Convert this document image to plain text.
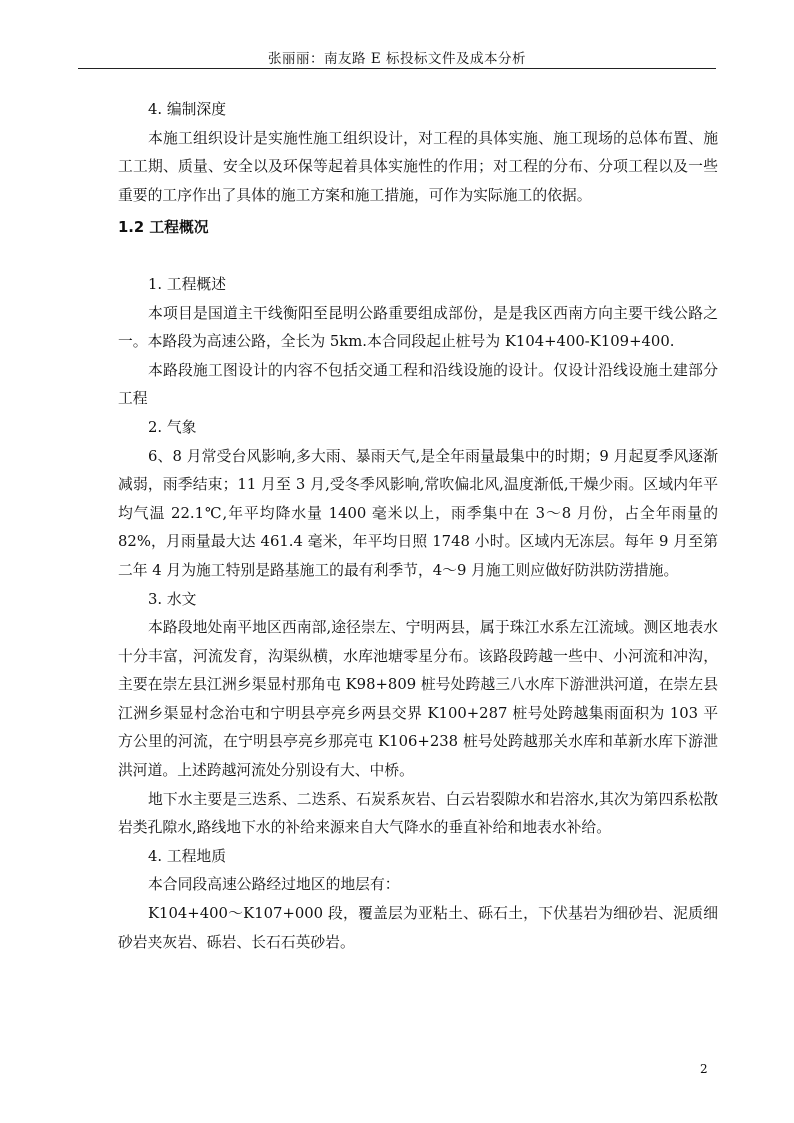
张丽丽：南友路 E 标投标文件及成本分析

4. 编制深度

本施工组织设计是实施性施工组织设计，对工程的具体实施、施工现场的总体布置、施工工期、质量、安全以及环保等起着具体实施性的作用；对工程的分布、分项工程以及一些重要的工序作出了具体的施工方案和施工措施，可作为实际施工的依据。

1.2 工程概况

1. 工程概述

本项目是国道主干线衡阳至昆明公路重要组成部份，是是我区西南方向主要干线公路之一。本路段为高速公路，全长为 5km.本合同段起止桩号为 K104+400-K109+400.

本路段施工图设计的内容不包括交通工程和沿线设施的设计。仅设计沿线设施土建部分工程

2. 气象

6、8 月常受台风影响,多大雨、暴雨天气,是全年雨量最集中的时期；9 月起夏季风逐渐减弱，雨季结束；11 月至 3 月,受冬季风影响,常吹偏北风,温度渐低,干燥少雨。区域内年平均气温 22.1℃,年平均降水量 1400 毫米以上，雨季集中在 3～8 月份，占全年雨量的 82%，月雨量最大达 461.4 毫米，年平均日照 1748 小时。区域内无冻层。每年 9 月至第二年 4 月为施工特别是路基施工的最有利季节，4～9 月施工则应做好防洪防涝措施。

3. 水文

本路段地处南平地区西南部,途径崇左、宁明两县，属于珠江水系左江流域。测区地表水十分丰富，河流发育，沟渠纵横，水库池塘零星分布。该路段跨越一些中、小河流和冲沟，主要在崇左县江洲乡渠显村那角屯 K98+809 桩号处跨越三八水库下游泄洪河道，在崇左县江洲乡渠显村念治屯和宁明县亭亮乡两县交界 K100+287 桩号处跨越集雨面积为 103 平方公里的河流，在宁明县亭亮乡那亮屯 K106+238 桩号处跨越那关水库和革新水库下游泄洪河道。上述跨越河流处分别设有大、中桥。

地下水主要是三迭系、二迭系、石炭系灰岩、白云岩裂隙水和岩溶水,其次为第四系松散岩类孔隙水,路线地下水的补给来源来自大气降水的垂直补给和地表水补给。

4. 工程地质

本合同段高速公路经过地区的地层有：

K104+400～K107+000 段，覆盖层为亚粘土、砾石土，下伏基岩为细砂岩、泥质细砂岩夹灰岩、砾岩、长石石英砂岩。

2
